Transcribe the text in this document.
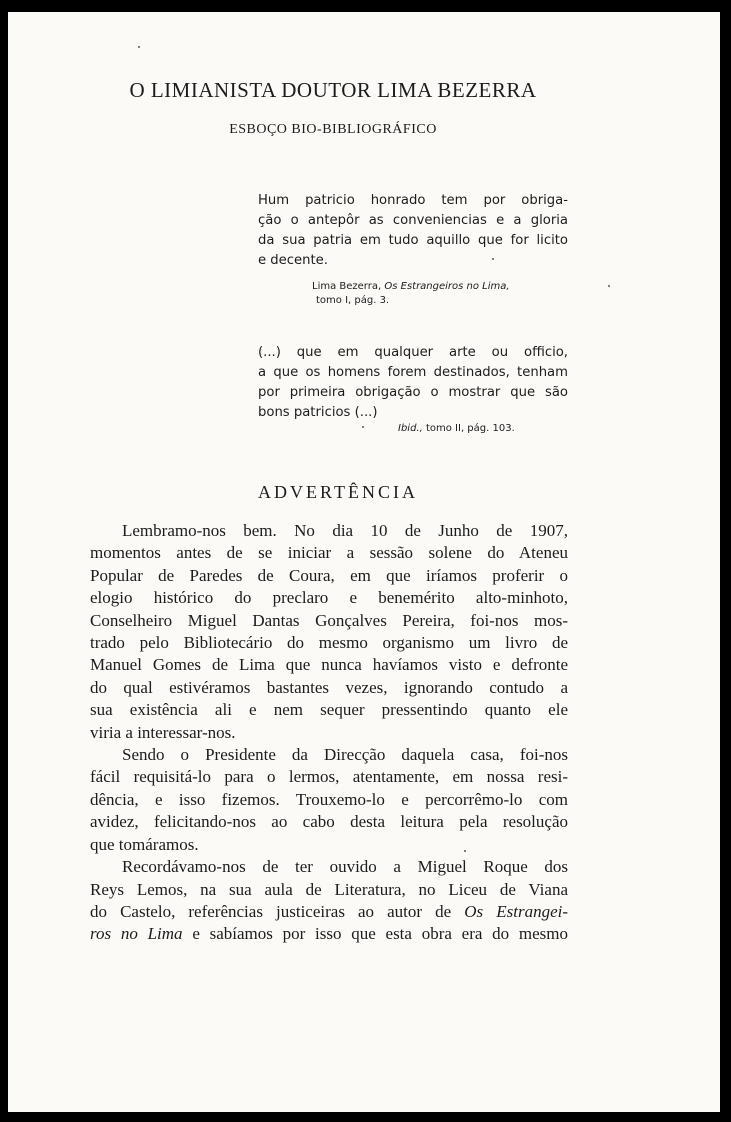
O LIMIANISTA DOUTOR LIMA BEZERRA
ESBOÇO BIO-BIBLIOGRÁFICO
Hum patricio honrado tem por obriga-
ção o antepôr as conveniencias e a gloria
da sua patria em tudo aquillo que for licito
e decente.
Lima Bezerra, Os Estrangeiros no Lima,
tomo I, pág. 3.
(...) que em qualquer arte ou officio,
a que os homens forem destinados, tenham
por primeira obrigação o mostrar que são
bons patricios (...)
Ibid., tomo II, pág. 103.
ADVERTÊNCIA

Lembramo-nos bem. No dia 10 de Junho de 1907,
momentos antes de se iniciar a sessão solene do Ateneu
Popular de Paredes de Coura, em que iríamos proferir o
elogio histórico do preclaro e benemérito alto-minhoto,
Conselheiro Miguel Dantas Gonçalves Pereira, foi-nos mos-
trado pelo Bibliotecário do mesmo organismo um livro de
Manuel Gomes de Lima que nunca havíamos visto e defronte
do qual estivéramos bastantes vezes, ignorando contudo a
sua existência ali e nem sequer pressentindo quanto ele
viria a interessar-nos.

Sendo o Presidente da Direcção daquela casa, foi-nos
fácil requisitá-lo para o lermos, atentamente, em nossa resi-
dência, e isso fizemos. Trouxemo-lo e percorrêmo-lo com
avidez, felicitando-nos ao cabo desta leitura pela resolução
que tomáramos.

Recordávamo-nos de ter ouvido a Miguel Roque dos
Reys Lemos, na sua aula de Literatura, no Liceu de Viana
do Castelo, referências justiceiras ao autor de Os Estrangei-
ros no Lima e sabíamos por isso que esta obra era do mesmo
